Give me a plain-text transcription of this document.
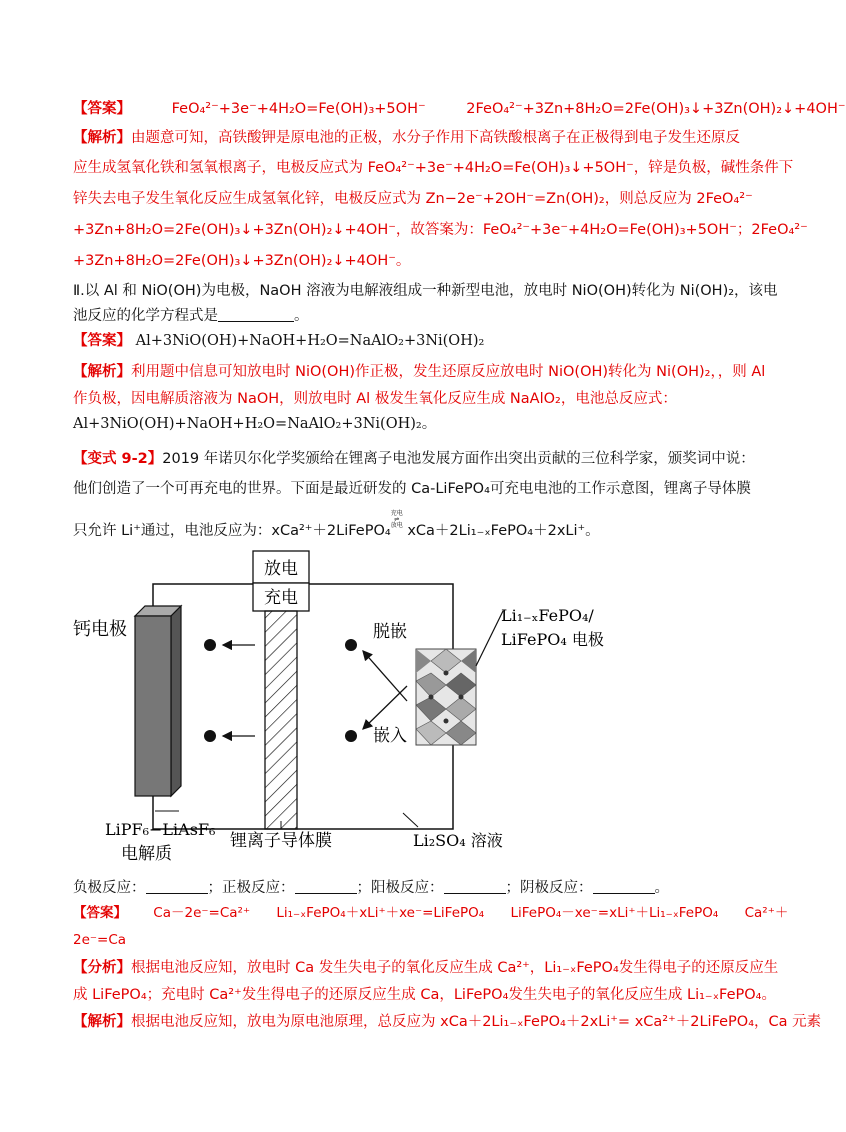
【答案】	FeO₄²⁻+3e⁻+4H₂O=Fe(OH)₃+5OH⁻	2FeO₄²⁻+3Zn+8H₂O=2Fe(OH)₃↓+3Zn(OH)₂↓+4OH⁻
【解析】由题意可知，高铁酸钾是原电池的正极，水分子作用下高铁酸根离子在正极得到电子发生还原反
应生成氢氧化铁和氢氧根离子，电极反应式为 FeO₄²⁻+3e⁻+4H₂O=Fe(OH)₃↓+5OH⁻，锌是负极，碱性条件下
锌失去电子发生氧化反应生成氢氧化锌，电极反应式为 Zn−2e⁻+2OH⁻=Zn(OH)₂，则总反应为 2FeO₄²⁻
+3Zn+8H₂O=2Fe(OH)₃↓+3Zn(OH)₂↓+4OH⁻，故答案为：FeO₄²⁻+3e⁻+4H₂O=Fe(OH)₃+5OH⁻；2FeO₄²⁻
+3Zn+8H₂O=2Fe(OH)₃↓+3Zn(OH)₂↓+4OH⁻。
Ⅱ.以 Al 和 NiO(OH)为电极，NaOH 溶液为电解液组成一种新型电池，放电时 NiO(OH)转化为 Ni(OH)₂，该电
池反应的化学方程式是	。
【答案】 Al+3NiO(OH)+NaOH+H₂O=NaAlO₂+3Ni(OH)₂
【解析】利用题中信息可知放电时 NiO(OH)作正极，发生还原反应放电时 NiO(OH)转化为 Ni(OH)₂，，则 Al
作负极，因电解质溶液为 NaOH，则放电时 Al 极发生氧化反应生成 NaAlO₂，电池总反应式：
Al+3NiO(OH)+NaOH+H₂O=NaAlO₂+3Ni(OH)₂。
【变式 9-2】2019 年诺贝尔化学奖颁给在锂离子电池发展方面作出突出贡献的三位科学家，颁奖词中说：
他们创造了一个可再充电的世界。下面是最近研发的 Ca-LiFePO₄可充电电池的工作示意图，锂离子导体膜
只允许 Li⁺通过，电池反应为：xCa²⁺＋2LiFePO₄充电
⇌
放电 xCa＋2Li₁₋ₓFePO₄＋2xLi⁺。
放电
充电
钙电极	脱嵌
嵌入
Li₁₋ₓFePO₄/
LiFePO₄ 电极
LiPF₆−LiAsF₆
电解质
锂离子导体膜	Li₂SO₄ 溶液
负极反应：	；正极反应：	；阳极反应：	；阴极反应：	。
【答案】 Ca－2e⁻=Ca²⁺ Li₁₋ₓFePO₄＋xLi⁺＋xe⁻=LiFePO₄ LiFePO₄－xe⁻=xLi⁺＋Li₁₋ₓFePO₄ Ca²⁺＋
2e⁻=Ca
【分析】根据电池反应知，放电时 Ca 发生失电子的氧化反应生成 Ca²⁺，Li₁₋ₓFePO₄发生得电子的还原反应生
成 LiFePO₄；充电时 Ca²⁺发生得电子的还原反应生成 Ca，LiFePO₄发生失电子的氧化反应生成 Li₁₋ₓFePO₄。
【解析】根据电池反应知，放电为原电池原理，总反应为 xCa＋2Li₁₋ₓFePO₄＋2xLi⁺= xCa²⁺＋2LiFePO₄，Ca 元素
